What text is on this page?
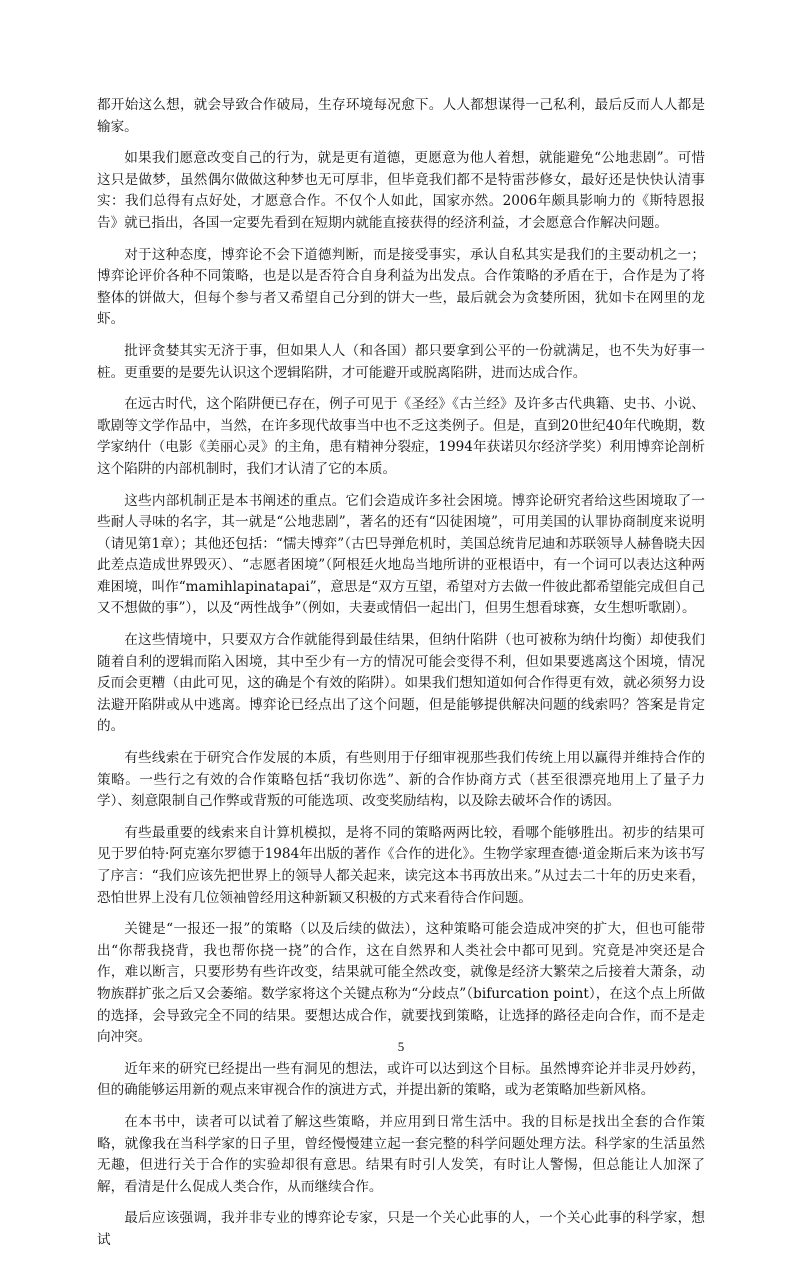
都开始这么想，就会导致合作破局，生存环境每况愈下。人人都想谋得一己私利，最后反而人人都是输家。

如果我们愿意改变自己的行为，就是更有道德，更愿意为他人着想，就能避免“公地悲剧”。可惜这只是做梦，虽然偶尔做做这种梦也无可厚非，但毕竟我们都不是特雷莎修女，最好还是快快认清事实：我们总得有点好处，才愿意合作。不仅个人如此，国家亦然。2006年颇具影响力的《斯特恩报告》就已指出，各国一定要先看到在短期内就能直接获得的经济利益，才会愿意合作解决问题。

对于这种态度，博弈论不会下道德判断，而是接受事实，承认自私其实是我们的主要动机之一；博弈论评价各种不同策略，也是以是否符合自身利益为出发点。合作策略的矛盾在于，合作是为了将整体的饼做大，但每个参与者又希望自己分到的饼大一些，最后就会为贪婪所困，犹如卡在网里的龙虾。

批评贪婪其实无济于事，但如果人人（和各国）都只要拿到公平的一份就满足，也不失为好事一桩。更重要的是要先认识这个逻辑陷阱，才可能避开或脱离陷阱，进而达成合作。

在远古时代，这个陷阱便已存在，例子可见于《圣经》《古兰经》及许多古代典籍、史书、小说、歌剧等文学作品中，当然，在许多现代故事当中也不乏这类例子。但是，直到20世纪40年代晚期，数学家纳什（电影《美丽心灵》的主角，患有精神分裂症，1994年获诺贝尔经济学奖）利用博弈论剖析这个陷阱的内部机制时，我们才认清了它的本质。

这些内部机制正是本书阐述的重点。它们会造成许多社会困境。博弈论研究者给这些困境取了一些耐人寻味的名字，其一就是“公地悲剧”，著名的还有“囚徒困境”，可用美国的认罪协商制度来说明（请见第1章）；其他还包括：“懦夫博弈”（古巴导弹危机时，美国总统肯尼迪和苏联领导人赫鲁晓夫因此差点造成世界毁灭）、“志愿者困境”（阿根廷火地岛当地所讲的亚根语中，有一个词可以表达这种两难困境，叫作“mamihlapinatapai”，意思是“双方互望，希望对方去做一件彼此都希望能完成但自己又不想做的事”），以及“两性战争”（例如，夫妻或情侣一起出门，但男生想看球赛，女生想听歌剧）。

在这些情境中，只要双方合作就能得到最佳结果，但纳什陷阱（也可被称为纳什均衡）却使我们随着自利的逻辑而陷入困境，其中至少有一方的情况可能会变得不利，但如果要逃离这个困境，情况反而会更糟（由此可见，这的确是个有效的陷阱）。如果我们想知道如何合作得更有效，就必须努力设法避开陷阱或从中逃离。博弈论已经点出了这个问题，但是能够提供解决问题的线索吗？答案是肯定的。

有些线索在于研究合作发展的本质，有些则用于仔细审视那些我们传统上用以赢得并维持合作的策略。一些行之有效的合作策略包括“我切你选”、新的合作协商方式（甚至很漂亮地用上了量子力学）、刻意限制自己作弊或背叛的可能选项、改变奖励结构，以及除去破坏合作的诱因。

有些最重要的线索来自计算机模拟，是将不同的策略两两比较，看哪个能够胜出。初步的结果可见于罗伯特·阿克塞尔罗德于1984年出版的著作《合作的进化》。生物学家理查德·道金斯后来为该书写了序言：“我们应该先把世界上的领导人都关起来，读完这本书再放出来。”从过去二十年的历史来看，恐怕世界上没有几位领袖曾经用这种新颖又积极的方式来看待合作问题。

关键是“一报还一报”的策略（以及后续的做法），这种策略可能会造成冲突的扩大，但也可能带出“你帮我挠背，我也帮你挠一挠”的合作，这在自然界和人类社会中都可见到。究竟是冲突还是合作，难以断言，只要形势有些许改变，结果就可能全然改变，就像是经济大繁荣之后接着大萧条，动物族群扩张之后又会萎缩。数学家将这个关键点称为“分歧点”（bifurcation point），在这个点上所做的选择，会导致完全不同的结果。要想达成合作，就要找到策略，让选择的路径走向合作，而不是走向冲突。

近年来的研究已经提出一些有洞见的想法，或许可以达到这个目标。虽然博弈论并非灵丹妙药，但的确能够运用新的观点来审视合作的演进方式，并提出新的策略，或为老策略加些新风格。

在本书中，读者可以试着了解这些策略，并应用到日常生活中。我的目标是找出全套的合作策略，就像我在当科学家的日子里，曾经慢慢建立起一套完整的科学问题处理方法。科学家的生活虽然无趣，但进行关于合作的实验却很有意思。结果有时引人发笑，有时让人警惕，但总能让人加深了解，看清是什么促成人类合作，从而继续合作。

最后应该强调，我并非专业的博弈论专家，只是一个关心此事的人，一个关心此事的科学家，想试

5
